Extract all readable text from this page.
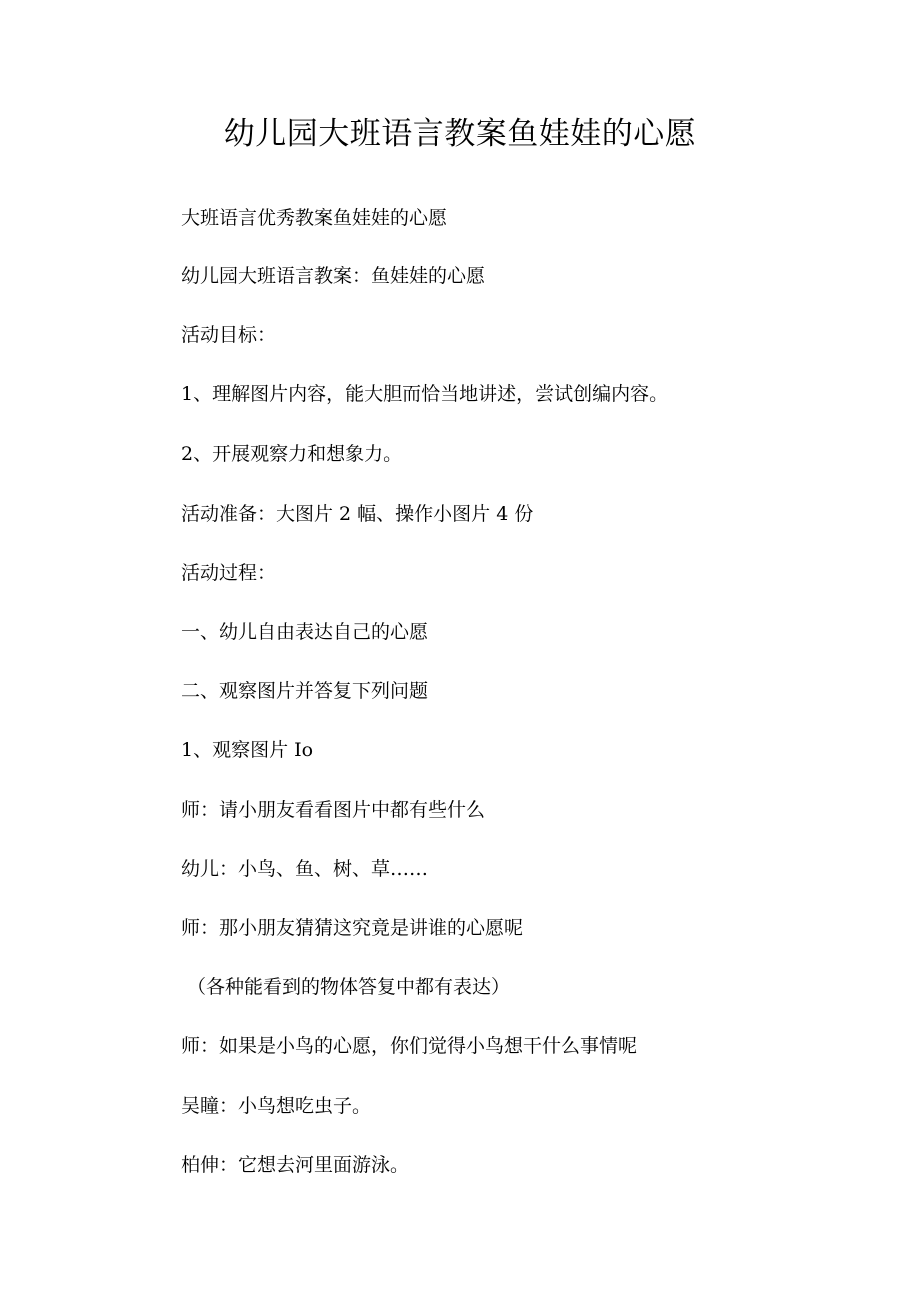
幼儿园大班语言教案鱼娃娃的心愿

大班语言优秀教案鱼娃娃的心愿

幼儿园大班语言教案：鱼娃娃的心愿

活动目标：

1、理解图片内容，能大胆而恰当地讲述，尝试创编内容。

2、开展观察力和想象力。

活动准备：大图片 2 幅、操作小图片 4 份

活动过程：

一、幼儿自由表达自己的心愿

二、观察图片并答复下列问题

1、观察图片 Io

师：请小朋友看看图片中都有些什么

幼儿：小鸟、鱼、树、草……

师：那小朋友猜猜这究竟是讲谁的心愿呢

（各种能看到的物体答复中都有表达）

师：如果是小鸟的心愿，你们觉得小鸟想干什么事情呢

吴瞳：小鸟想吃虫子。

柏伸：它想去河里面游泳。
